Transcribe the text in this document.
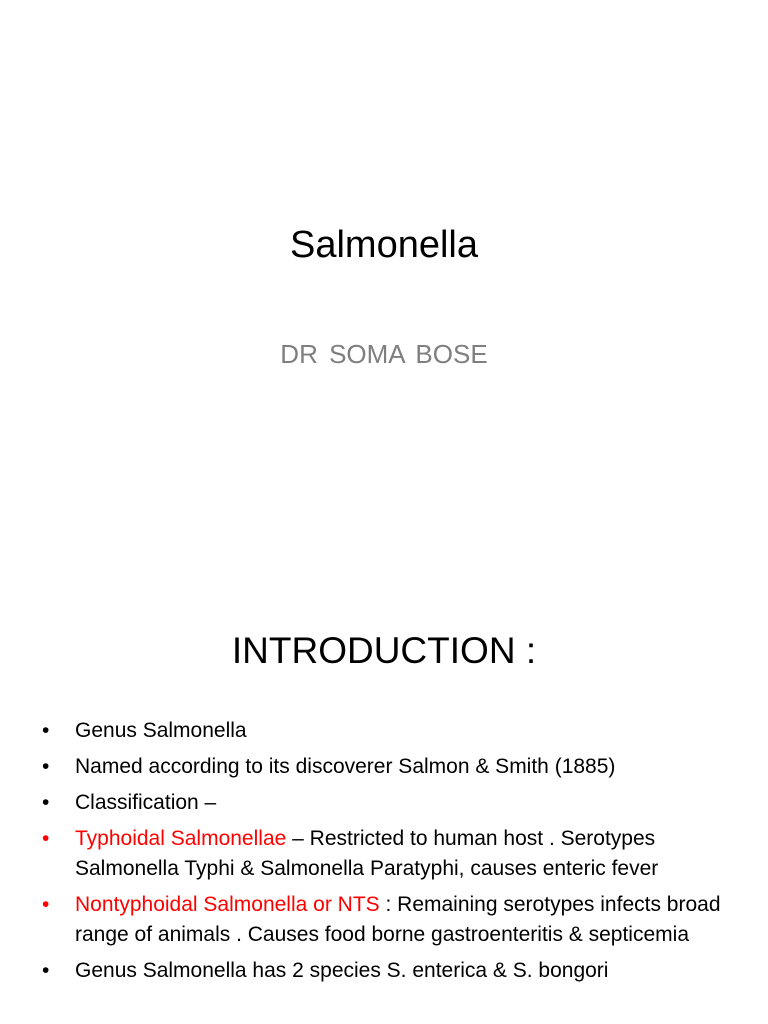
Salmonella
DR SOMA BOSE
INTRODUCTION :
• Genus Salmonella
• Named according to its discoverer Salmon & Smith (1885)
• Classification –
• Typhoidal Salmonellae – Restricted to human host . Serotypes Salmonella Typhi & Salmonella Paratyphi, causes enteric fever
• Nontyphoidal Salmonella or NTS : Remaining serotypes infects broad range of animals . Causes food borne gastroenteritis & septicemia
• Genus Salmonella has 2 species S. enterica & S. bongori
